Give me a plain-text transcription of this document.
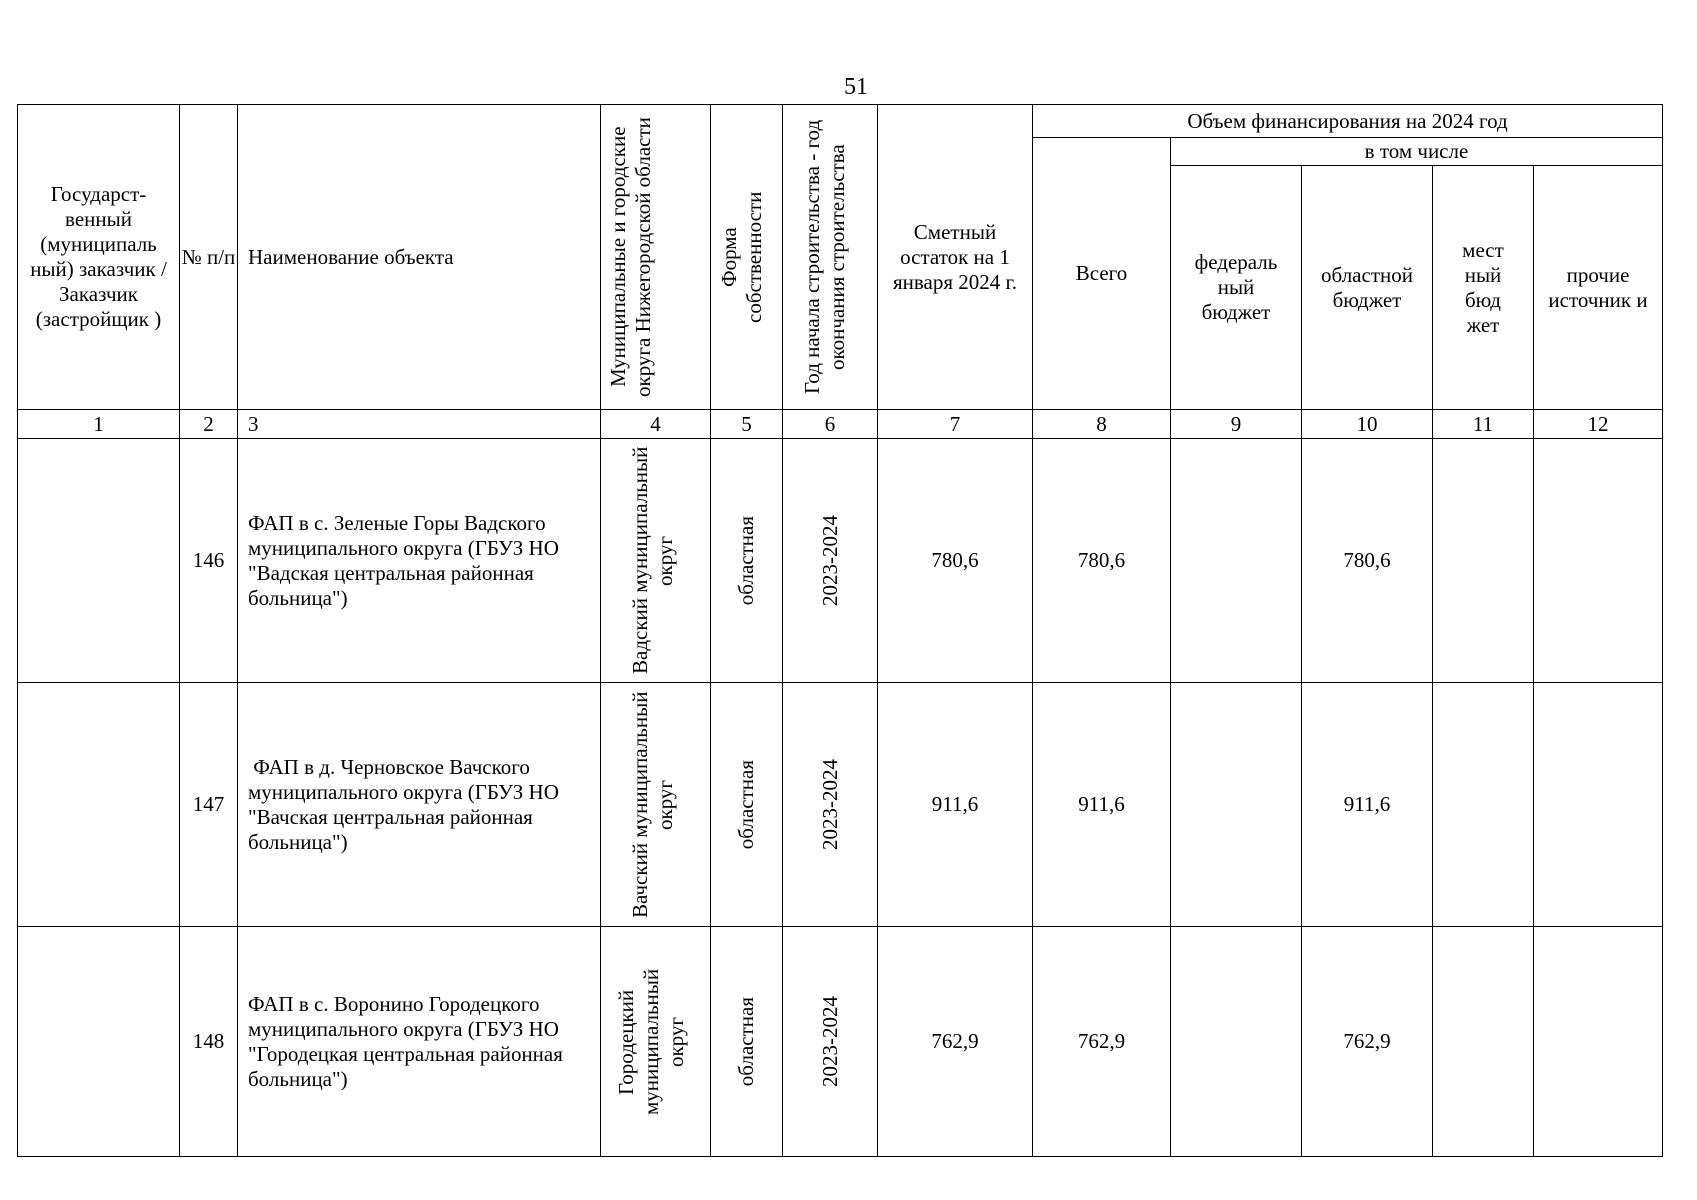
51
Государст-венный (муниципаль ный) заказчик / Заказчик (застройщик )	№ п/п	Наименование объекта	Муниципальные и городские округа Нижегородской области	Форма собственности	Год начала строительства - год окончания строительства	Сметный остаток на 1 января 2024 г.	Объем финансирования на 2024 год				
							Всего	в том числе			
								федераль ный бюджет	областной бюджет	мест ный бюд жет	прочие источник и
1	2	3	4	5	6	7	8	9	10	11	12
	146	ФАП в с. Зеленые Горы Вадского муниципального округа (ГБУЗ НО "Вадская центральная районная больница")	Вадский муниципальный округ	областная	2023-2024	780,6	780,6		780,6		
	147	ФАП в д. Черновское Вачского муниципального округа (ГБУЗ НО "Вачская центральная районная больница")	Вачский муниципальный округ	областная	2023-2024	911,6	911,6		911,6		
	148	ФАП в с. Воронино Городецкого муниципального округа (ГБУЗ НО "Городецкая центральная районная больница")	Городецкий муниципальный округ	областная	2023-2024	762,9	762,9		762,9		
